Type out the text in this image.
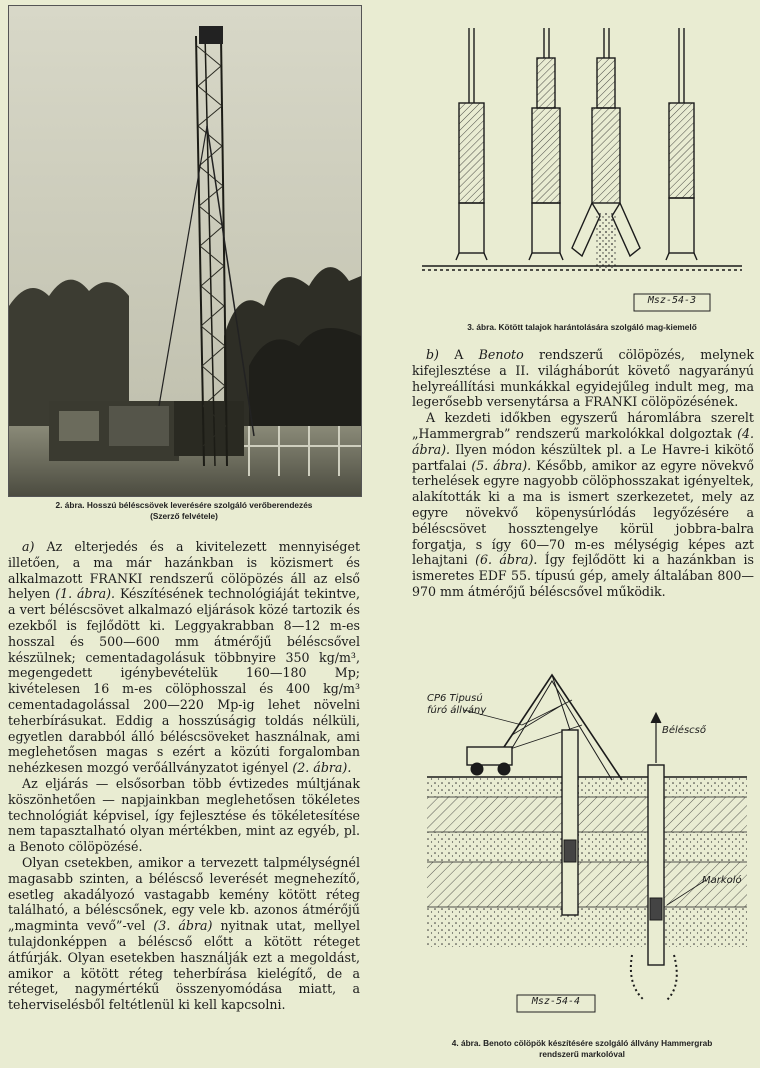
2. ábra. Hosszú béléscsövek leverésére szolgáló verőberendezés
(Szerző felvétele)
Msz-54-3
3. ábra. Kötött talajok harántolására szolgáló mag-kiemelő
CP6 Tipusú
fúró állvány
Béléscső
Markoló
Msz-54-4
4. ábra. Benoto cölöpök készítésére szolgáló állvány Hammergrab
rendszerű markolóval

a) Az elterjedés és a kivitelezett mennyiséget illetően, a ma már hazánkban is közismert és alkalmazott FRANKI rendszerű cölöpözés áll az első helyen (1. ábra). Készítésének technológiáját tekintve, a vert béléscsövet alkalmazó eljárások közé tartozik és ezekből is fejlődött ki. Leggyakrabban 8—12 m-es hosszal és 500—600 mm átmérőjű béléscsővel készülnek; cementadagolásuk többnyire 350 kg/m³, megengedett igénybevételük 160—180 Mp; kivételesen 16 m-es cölöphosszal és 400 kg/m³ cementadagolással 200—220 Mp-ig lehet növelni teherbírásukat. Eddig a hosszúságig toldás nélküli, egyetlen darabból álló béléscsöveket használnak, ami meglehetősen magas s ezért a közúti forgalomban nehézkesen mozgó verőállványzatot igényel (2. ábra).

Az eljárás — elsősorban több évtizedes múltjának köszönhetően — napjainkban meglehetősen tökéletes technológiát képvisel, így fejlesztése és tökéletesítése nem tapasztalható olyan mértékben, mint az egyéb, pl. a Benoto cölöpözésé.

Olyan csetekben, amikor a tervezett talpmélységnél magasabb szinten, a béléscső leverését megnehezítő, esetleg akadályozó vastagabb kemény kötött réteg található, a béléscsőnek, egy vele kb. azonos átmérőjű „magminta vevő”-vel (3. ábra) nyitnak utat, mellyel tulajdonképpen a béléscső előtt a kötött réteget átfúrják. Olyan esetekben használják ezt a megoldást, amikor a kötött réteg teherbírása kielégítő, de a réteget, nagymértékű összenyomódása miatt, a teherviselésből feltétlenül ki kell kapcsolni.

b) A Benoto rendszerű cölöpözés, melynek kifejlesztése a II. világháborút követő nagyarányú helyreállítási munkákkal egyidejűleg indult meg, ma legerősebb versenytársa a FRANKI cölöpözésének.

A kezdeti időkben egyszerű háromlábra szerelt „Hammergrab” rendszerű markolókkal dolgoztak (4. ábra). Ilyen módon készültek pl. a Le Havre-i kikötő partfalai (5. ábra). Később, amikor az egyre növekvő terhelések egyre nagyobb cölöphosszakat igényeltek, alakították ki a ma is ismert szerkezetet, mely az egyre növekvő köpenysúrlódás legyőzésére a béléscsövet hossztengelye körül jobbra-balra forgatja, s így 60—70 m-es mélységig képes azt lehajtani (6. ábra). Így fejlődött ki a hazánkban is ismeretes EDF 55. típusú gép, amely általában 800—970 mm átmérőjű béléscsővel működik.
